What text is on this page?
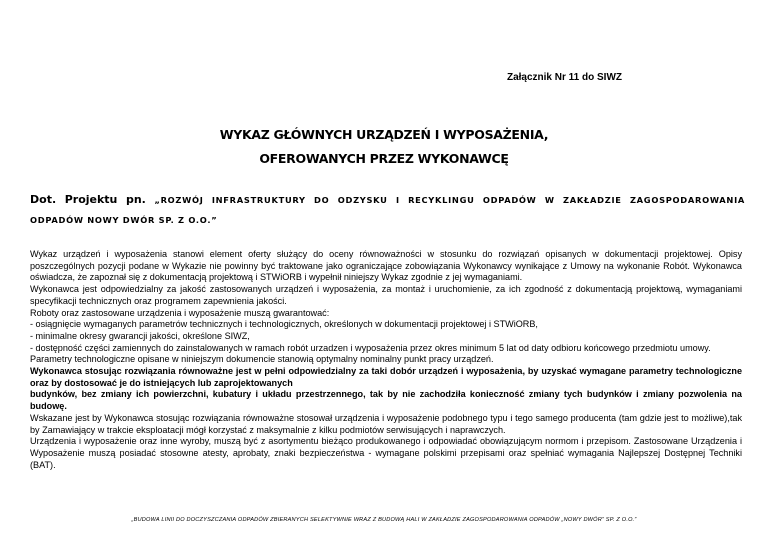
Załącznik Nr 11 do SIWZ
WYKAZ GŁÓWNYCH URZĄDZEŃ I WYPOSAŻENIA,
OFEROWANYCH PRZEZ WYKONAWCĘ
Dot. Projektu pn. „ROZWÓJ INFRASTRUKTURY DO ODZYSKU I RECYKLINGU ODPADÓW W ZAKŁADZIE ZAGOSPODAROWANIA ODPADÓW NOWY DWÓR SP. Z O.O.”

Wykaz urządzeń i wyposażenia stanowi element oferty służący do oceny równoważności w stosunku do rozwiązań opisanych w dokumentacji projektowej. Opisy poszczególnych pozycji podane w Wykazie nie powinny być traktowane jako ograniczające zobowiązania Wykonawcy wynikające z Umowy na wykonanie Robót. Wykonawca oświadcza, że zapoznał się z dokumentacją projektową i STWiORB i wypełnił niniejszy Wykaz zgodnie z jej wymaganiami.

Wykonawca jest odpowiedzialny za jakość zastosowanych urządzeń i wyposażenia, za montaż i uruchomienie, za ich zgodność z dokumentacją projektową, wymaganiami specyfikacji technicznych oraz programem zapewnienia jakości.

Roboty oraz zastosowane urządzenia i wyposażenie muszą gwarantować:

- osiągnięcie wymaganych parametrów technicznych i technologicznych, określonych w dokumentacji projektowej i STWiORB,

- minimalne okresy gwarancji jakości, określone SIWZ,

- dostępność części zamiennych do zainstalowanych w ramach robót urzadzen i wyposażenia przez okres minimum 5 lat od daty odbioru końcowego przedmiotu umowy.

Parametry technologiczne opisane w niniejszym dokumencie stanowią optymalny nominalny punkt pracy urządzeń.

Wykonawca stosując rozwiązania równoważne jest w pełni odpowiedzialny za taki dobór urządzeń i wyposażenia, by uzyskać wymagane parametry technologiczne oraz by dostosować je do istniejących lub zaprojektowanych

budynków, bez zmiany ich powierzchni, kubatury i układu przestrzennego, tak by nie zachodziła konieczność zmiany tych budynków i zmiany pozwolenia na budowę.

Wskazane jest by Wykonawca stosując rozwiązania równoważne stosował urządzenia i wyposażenie podobnego typu i tego samego producenta (tam gdzie jest to możliwe),tak by Zamawiający w trakcie eksploatacji mógł korzystać z maksymalnie z kilku podmiotów serwisujących i naprawczych.

Urządzenia i wyposażenie oraz inne wyroby, muszą być z asortymentu bieżąco produkowanego i odpowiadać obowiązującym normom i przepisom. Zastosowane Urządzenia i Wyposażenie muszą posiadać stosowne atesty, aprobaty, znaki bezpieczeństwa - wymagane polskimi przepisami oraz spełniać wymagania Najlepszej Dostępnej Techniki (BAT).

„BUDOWA LINII DO DOCZYSZCZANIA ODPADÓW ZBIERANYCH SELEKTYWNIE WRAZ Z BUDOWĄ HALI W ZAKŁADZIE ZAGOSPODAROWANIA ODPADÓW „NOWY DWÓR” SP. Z O.O.”
